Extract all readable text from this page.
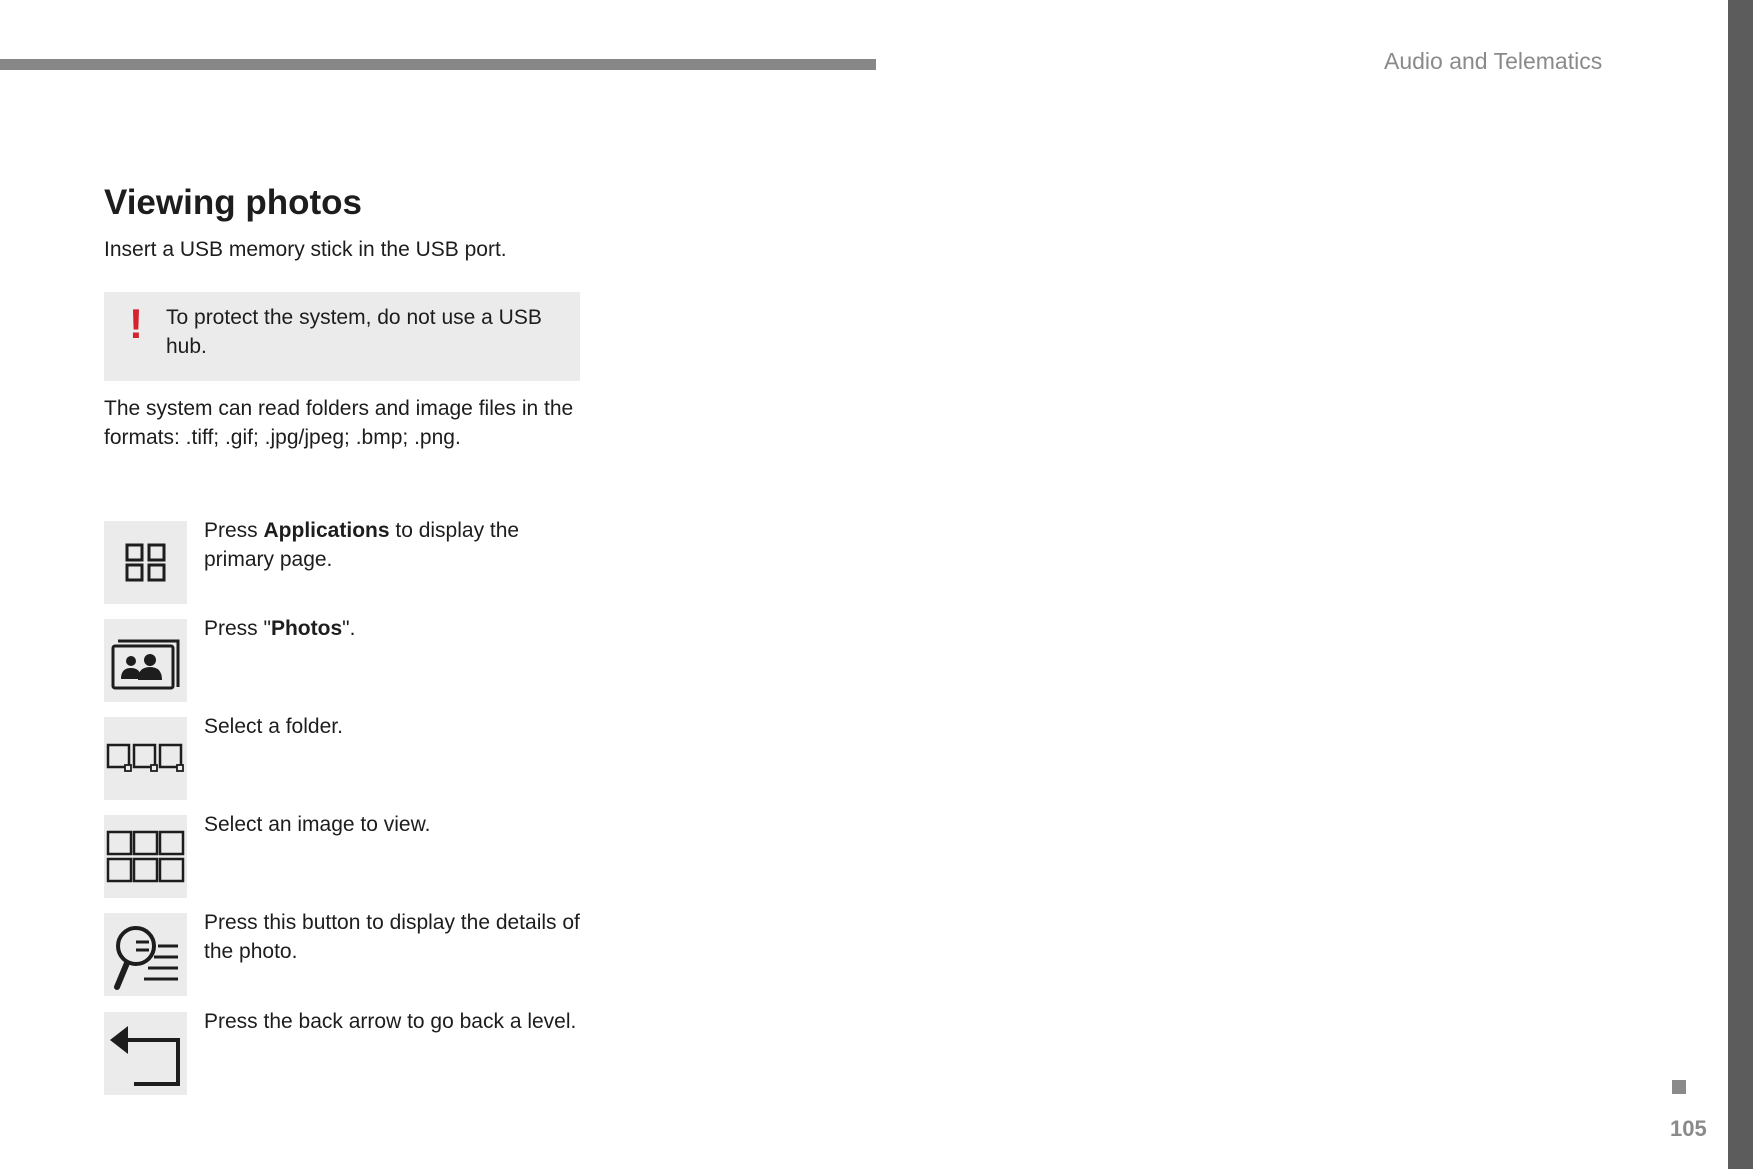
Audio and Telematics
105
Viewing photos

Insert a USB memory stick in the USB port.

! To protect the system, do not use a USB hub.

The system can read folders and image files in the formats: .tiff; .gif; .jpg/jpeg; .bmp; .png.

Press Applications to display the primary page.
Press "Photos".
Select a folder.
Select an image to view.
Press this button to display the details of the photo.
Press the back arrow to go back a level.
